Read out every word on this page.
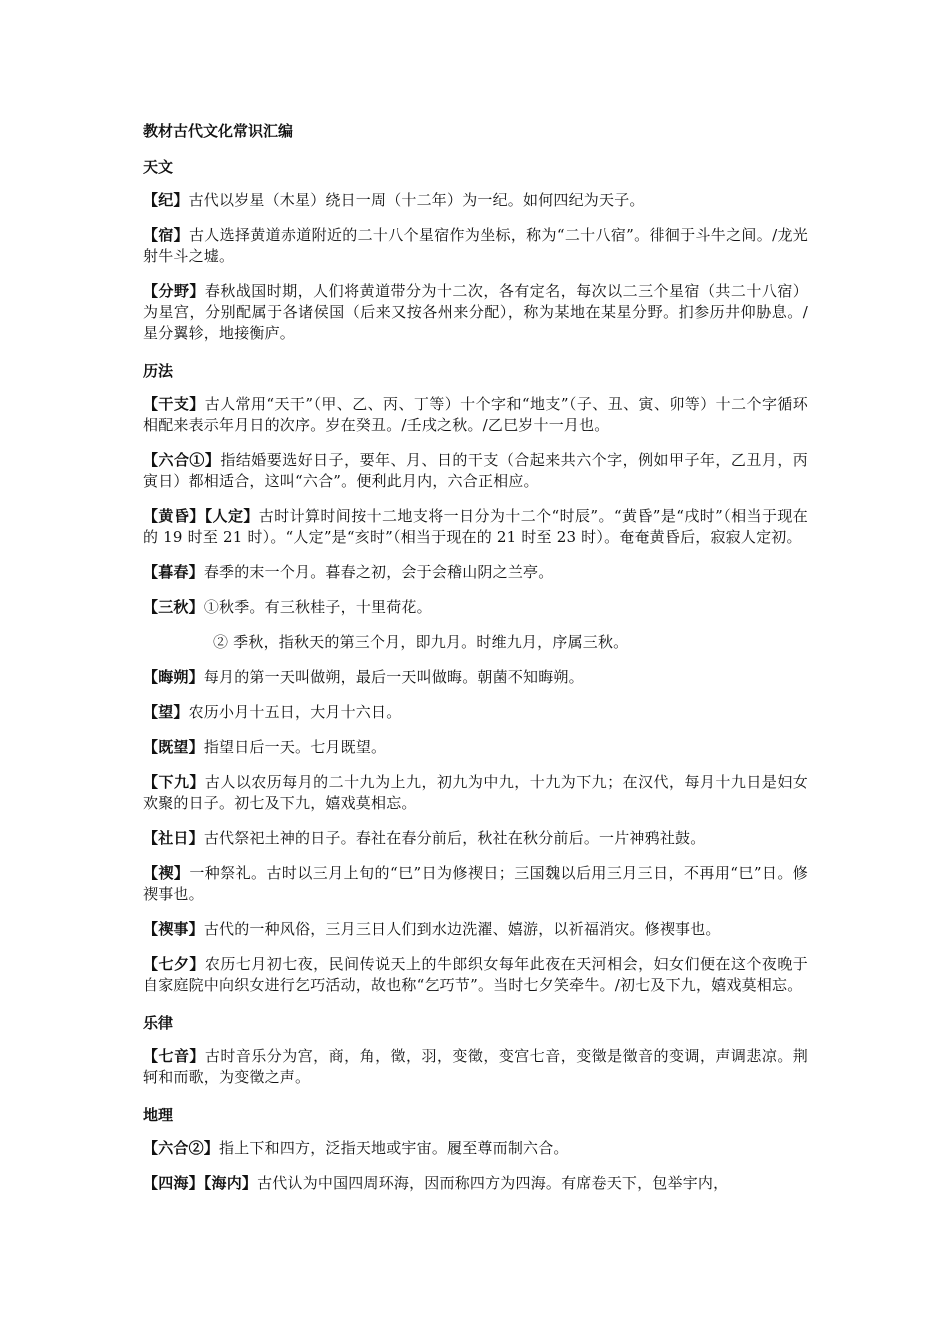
教材古代文化常识汇编
天文
【纪】古代以岁星（木星）绕日一周（十二年）为一纪。如何四纪为天子。
【宿】古人选择黄道赤道附近的二十八个星宿作为坐标，称为“二十八宿”。徘徊于斗牛之间。/龙光射牛斗之墟。
【分野】春秋战国时期，人们将黄道带分为十二次，各有定名，每次以二三个星宿（共二十八宿）为星宫，分别配属于各诸侯国（后来又按各州来分配），称为某地在某星分野。扪参历井仰胁息。/星分翼轸，地接衡庐。
历法
【干支】古人常用“天干”（甲、乙、丙、丁等）十个字和“地支”（子、丑、寅、卯等）十二个字循环相配来表示年月日的次序。岁在癸丑。/壬戌之秋。/乙巳岁十一月也。
【六合①】指结婚要选好日子，要年、月、日的干支（合起来共六个字，例如甲子年，乙丑月，丙寅日）都相适合，这叫“六合”。便利此月内，六合正相应。
【黄昏】【人定】古时计算时间按十二地支将一日分为十二个“时辰”。“黄昏”是“戌时”（相当于现在的 19 时至 21 时）。“人定”是“亥时”（相当于现在的 21 时至 23 时）。奄奄黄昏后，寂寂人定初。
【暮春】春季的末一个月。暮春之初，会于会稽山阴之兰亭。
【三秋】①秋季。有三秋桂子，十里荷花。
② 季秋，指秋天的第三个月，即九月。时维九月，序属三秋。
【晦朔】每月的第一天叫做朔，最后一天叫做晦。朝菌不知晦朔。
【望】农历小月十五日，大月十六日。
【既望】指望日后一天。七月既望。
【下九】古人以农历每月的二十九为上九，初九为中九，十九为下九；在汉代，每月十九日是妇女欢聚的日子。初七及下九，嬉戏莫相忘。
【社日】古代祭祀土神的日子。春社在春分前后，秋社在秋分前后。一片神鸦社鼓。
【禊】一种祭礼。古时以三月上旬的“巳”日为修禊日；三国魏以后用三月三日，不再用“巳”日。修禊事也。
【禊事】古代的一种风俗，三月三日人们到水边洗濯、嬉游，以祈福消灾。修禊事也。
【七夕】农历七月初七夜，民间传说天上的牛郎织女每年此夜在天河相会，妇女们便在这个夜晚于自家庭院中向织女进行乞巧活动，故也称“乞巧节”。当时七夕笑牵牛。/初七及下九，嬉戏莫相忘。
乐律
【七音】古时音乐分为宫，商，角，徵，羽，变徵，变宫七音，变徵是徵音的变调，声调悲凉。荆轲和而歌，为变徵之声。
地理
【六合②】指上下和四方，泛指天地或宇宙。履至尊而制六合。
【四海】【海内】古代认为中国四周环海，因而称四方为四海。有席卷天下，包举宇内，
